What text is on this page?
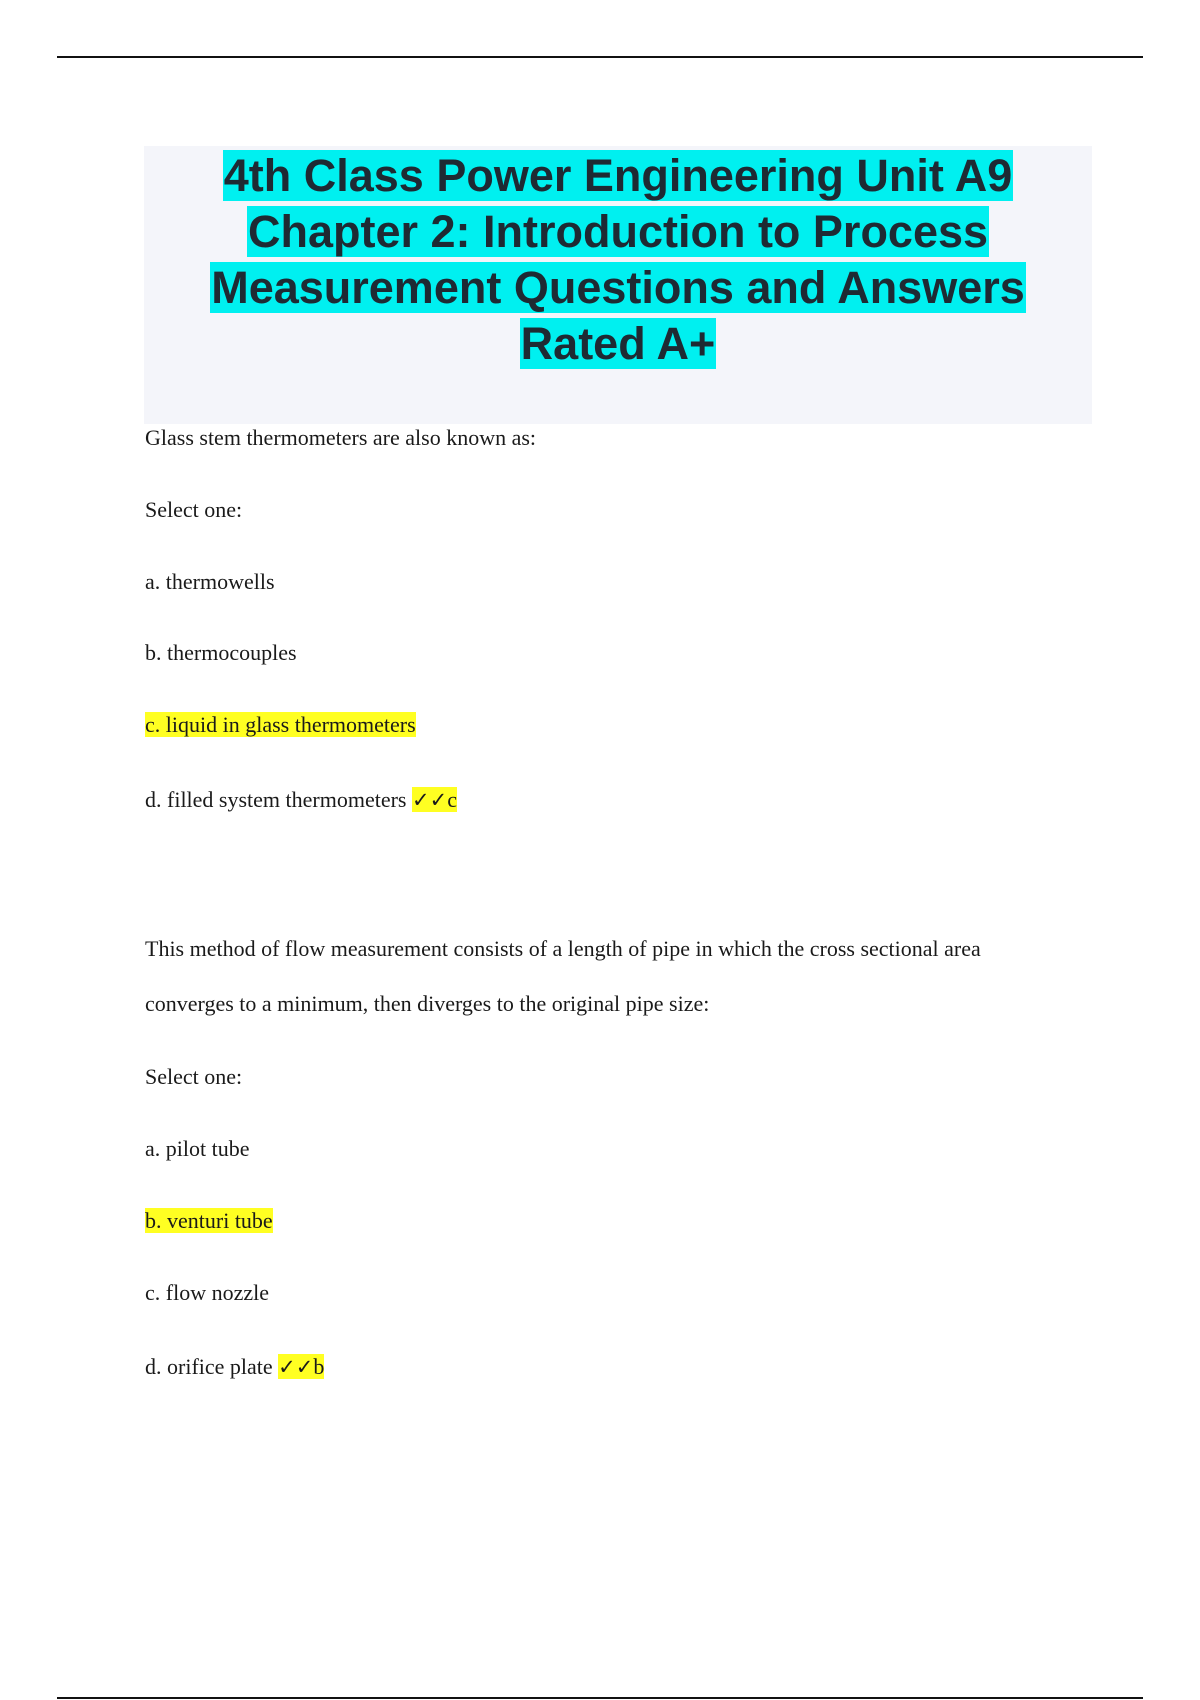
4th Class Power Engineering Unit A9 Chapter 2: Introduction to Process Measurement Questions and Answers Rated A+
Glass stem thermometers are also known as:
Select one:
a. thermowells
b. thermocouples
c. liquid in glass thermometers
d. filled system thermometers ✓✓c
This method of flow measurement consists of a length of pipe in which the cross sectional area
converges to a minimum, then diverges to the original pipe size:
Select one:
a. pilot tube
b. venturi tube
c. flow nozzle
d. orifice plate ✓✓b
